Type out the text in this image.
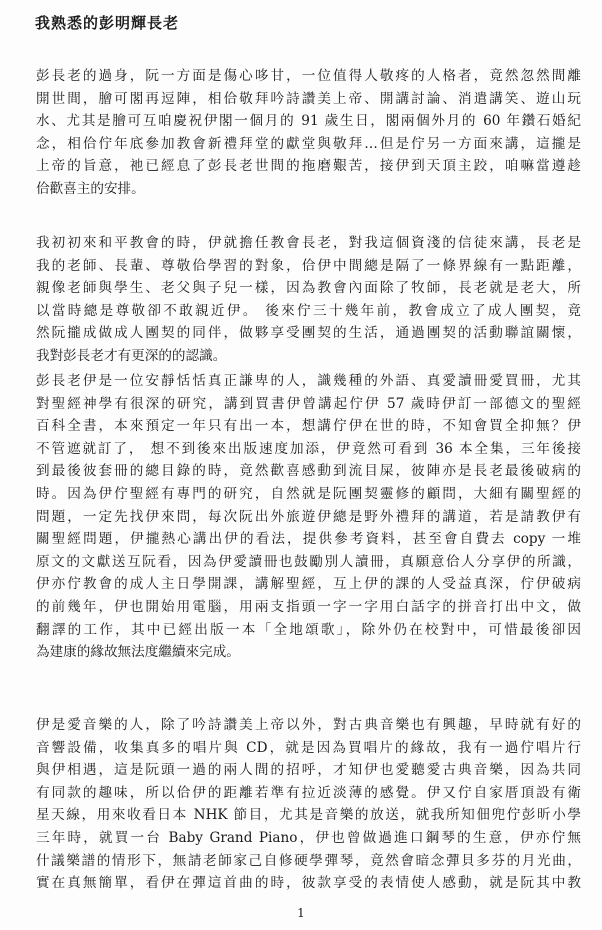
我熟悉的彭明輝長老
彭長老的過身，阮一方面是傷心哆甘，一位值得人敬疼的人格者，竟然忽然間離
開世間，膾可閣再逗陣，相佮敬拜吟詩讚美上帝、開講討論、消遣講笑、遊山玩
水、尤其是膾可互咱慶祝伊閣一個月的 91 歲生日，閣兩個外月的 60 年鑽石婚紀
念，相佮佇年底參加教會新禮拜堂的獻堂與敬拜…但是佇另一方面來講，這攏是
上帝的旨意，祂已經息了彭長老世間的拖磨艱苦，接伊到天頂主跤，咱嘛當遵趁
佮歡喜主的安排。
我初初來和平教會的時，伊就擔任教會長老，對我這個資淺的信徒來講，長老是
我的老師、長輩、尊敬佮學習的對象，佮伊中間總是隔了一條界線有一點距離，
親像老師與學生、老父與子兒一樣，因為教會內面除了牧師，長老就是老大，所
以當時總是尊敬卻不敢親近伊。 後來佇三十幾年前，教會成立了成人團契，竟
然阮攏成做成人團契的同伴，做夥享受團契的生活，通過團契的活動聯誼關懷，
我對彭長老才有更深的的認識。
彭長老伊是一位安靜恬恬真正謙卑的人，識幾種的外語、真愛讀冊愛買冊，尤其
對聖經神學有很深的研究，講到買書伊曾講起佇伊 57 歲時伊訂一部德文的聖經
百科全書，本來預定一年只有出一本，想講佇伊在世的時，不知會買全抑無？伊
不管遮就訂了， 想不到後來出版速度加添，伊竟然可看到 36 本全集，三年後接
到最後彼套冊的總目錄的時，竟然歡喜感動到流目屎，彼陣亦是長老最後破病的
時。因為伊佇聖經有專門的研究，自然就是阮團契靈修的顧問，大細有關聖經的
問題，一定先找伊來問，每次阮出外旅遊伊總是野外禮拜的講道，若是請教伊有
關聖經問題，伊攏熱心講出伊的看法，提供參考資料，甚至會自費去 copy 一堆
原文的文獻送互阮看，因為伊愛讀冊也鼓勵別人讀冊，真願意佮人分享伊的所識，
伊亦佇教會的成人主日學開課，講解聖經，互上伊的課的人受益真深，佇伊破病
的前幾年，伊也開始用電腦，用兩支指頭一字一字用白話字的拼音打出中文，做
翻譯的工作，其中已經出版一本「全地頌歌」，除外仍在校對中，可惜最後卻因
為建康的緣故無法度繼續來完成。
伊是愛音樂的人，除了吟詩讚美上帝以外，對古典音樂也有興趣，早時就有好的
音響設備，收集真多的唱片與 CD，就是因為買唱片的緣故，我有一過佇唱片行
與伊相遇，這是阮頭一過的兩人間的招呼，才知伊也愛聽愛古典音樂，因為共同
有同款的趣味，所以佮伊的距離若準有拉近淡薄的感覺。伊又佇自家厝頂設有衛
星天線，用來收看日本 NHK 節目，尤其是音樂的放送，就我所知佃兜佇彭昕小學
三年時，就買一台 Baby Grand Piano，伊也曾做過進口鋼琴的生意，伊亦佇無
什議樂譜的情形下，無請老師家己自修硬學彈琴，竟然會暗念彈貝多芬的月光曲，
實在真無簡單，看伊在彈這首曲的時，彼款享受的表情使人感動，就是阮其中教
1
